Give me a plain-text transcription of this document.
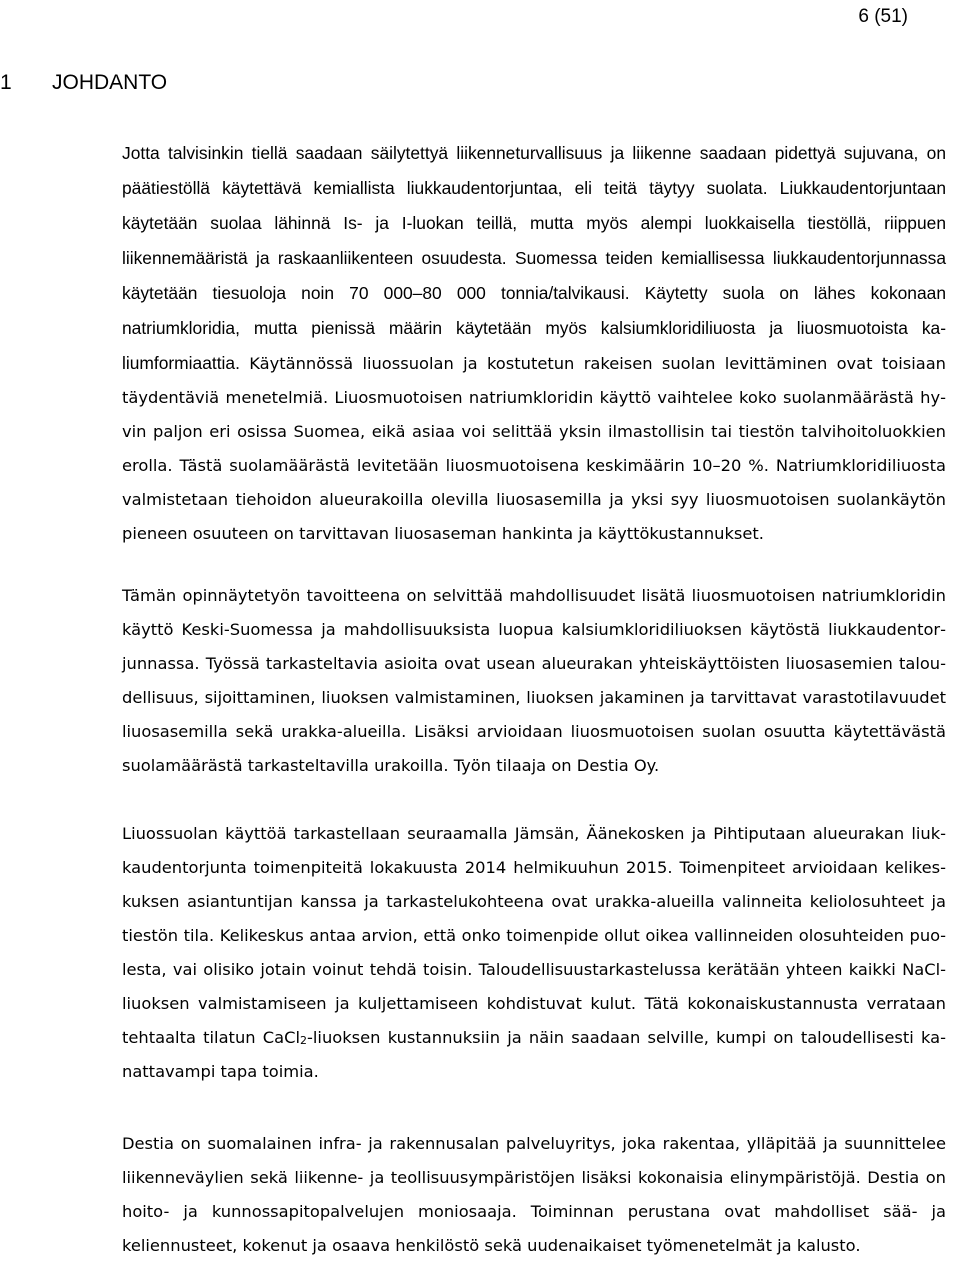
6 (51)
1 JOHDANTO

Jotta talvisinkin tiellä saadaan säilytettyä liikenneturvallisuus ja liikenne saadaan pidettyä sujuvana, on päätiestöllä käytettävä kemiallista liukkaudentorjuntaa, eli teitä täytyy suolata. Liukkaudentorjuntaan käytetään suolaa lähinnä Is- ja I-luokan teillä, mutta myös alempi luokkaisella tiestöllä, riippuen liikennemääristä ja raskaanliikenteen osuudesta. Suomessa teiden kemiallisessa liukkaudentorjunnassa käytetään tiesuoloja noin 70 000–80 000 tonnia/talvikausi. Käytetty suola on lähes kokonaan natriumkloridia, mutta pienissä määrin käytetään myös kalsiumkloridiliuosta ja liuosmuotoista kaliumformiaattia. Käytännössä liuossuolan ja kostutetun rakeisen suolan levittäminen ovat toisiaan täydentäviä menetelmiä. Liuosmuotoisen natriumkloridin käyttö vaihtelee koko suolanmäärästä hyvin paljon eri osissa Suomea, eikä asiaa voi selittää yksin ilmastollisin tai tiestön talvihoitoluokkien erolla. Tästä suolamäärästä levitetään liuosmuotoisena keskimäärin 10–20 %. Natriumkloridiliuosta valmistetaan tiehoidon alueurakoilla olevilla liuosasemilla ja yksi syy liuosmuotoisen suolankäytön pieneen osuuteen on tarvittavan liuosaseman hankinta ja käyttökustannukset.

Tämän opinnäytetyön tavoitteena on selvittää mahdollisuudet lisätä liuosmuotoisen natriumkloridin käyttö Keski-Suomessa ja mahdollisuuksista luopua kalsiumkloridiliuoksen käytöstä liukkaudentorjunnassa. Työssä tarkasteltavia asioita ovat usean alueurakan yhteiskäyttöisten liuosasemien taloudellisuus, sijoittaminen, liuoksen valmistaminen, liuoksen jakaminen ja tarvittavat varastotilavuudet liuosasemilla sekä urakka-alueilla. Lisäksi arvioidaan liuosmuotoisen suolan osuutta käytettävästä suolamäärästä tarkasteltavilla urakoilla. Työn tilaaja on Destia Oy.

Liuossuolan käyttöä tarkastellaan seuraamalla Jämsän, Äänekosken ja Pihtiputaan alueurakan liukkaudentorjunta toimenpiteitä lokakuusta 2014 helmikuuhun 2015. Toimenpiteet arvioidaan kelikeskuksen asiantuntijan kanssa ja tarkastelukohteena ovat urakka-alueilla valinneita keliolosuhteet ja tiestön tila. Kelikeskus antaa arvion, että onko toimenpide ollut oikea vallinneiden olosuhteiden puolesta, vai olisiko jotain voinut tehdä toisin. Taloudellisuustarkastelussa kerätään yhteen kaikki NaCl-liuoksen valmistamiseen ja kuljettamiseen kohdistuvat kulut. Tätä kokonaiskustannusta verrataan tehtaalta tilatun CaCl$_2$-liuoksen kustannuksiin ja näin saadaan selville, kumpi on taloudellisesti kanattavampi tapa toimia.

Destia on suomalainen infra- ja rakennusalan palveluyritys, joka rakentaa, ylläpitää ja suunnittelee liikenneväylien sekä liikenne- ja teollisuusympäristöjen lisäksi kokonaisia elinympäristöjä. Destia on hoito- ja kunnossapitopalvelujen moniosaaja. Toiminnan perustana ovat mahdolliset sää- ja keliennusteet, kokenut ja osaava henkilöstö sekä uudenaikaiset työmenetelmät ja kalusto.
